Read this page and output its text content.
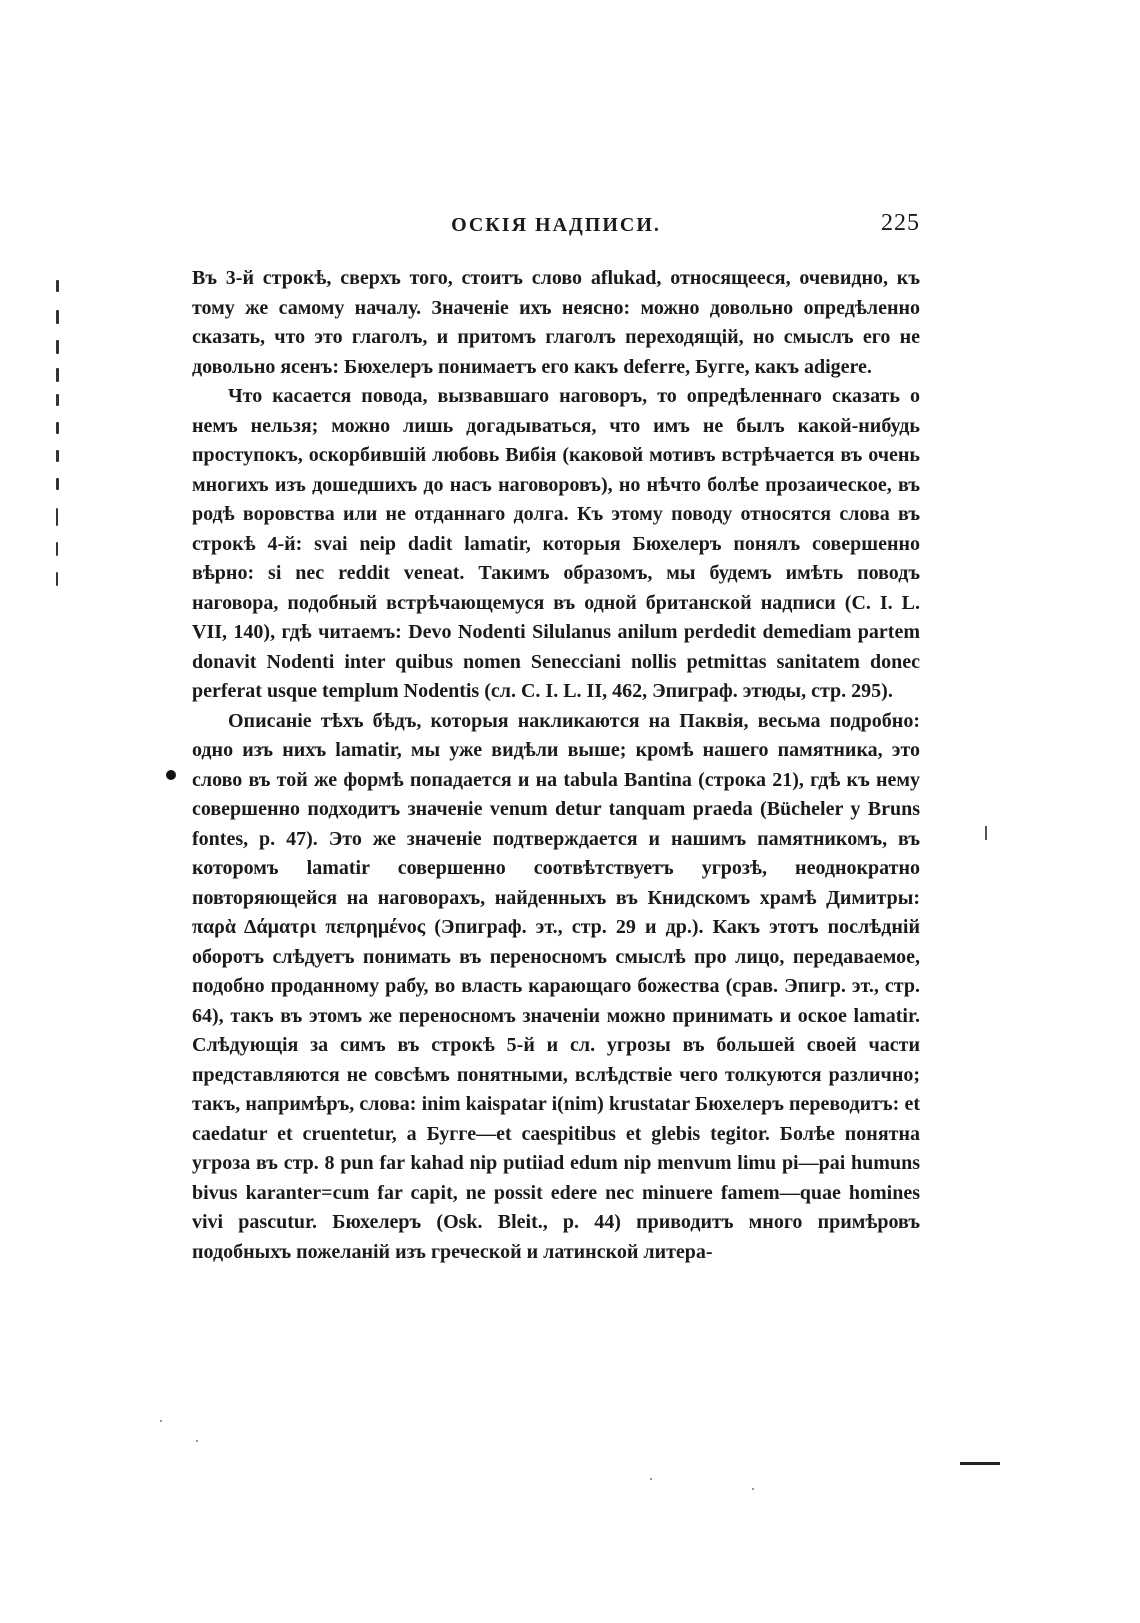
ОСКІЯ НАДПИСИ.	225

Въ 3-й строкѣ, сверхъ того, стоитъ слово aflukad, относящееся, очевидно, къ тому же самому началу. Значеніе ихъ неясно: можно довольно опредѣленно сказать, что это глаголъ, и притомъ глаголъ переходящій, но смыслъ его не довольно ясенъ: Бюхелеръ понимаетъ его какъ deferre, Бугге, какъ adigere.

Что касается повода, вызвавшаго наговоръ, то опредѣленнаго сказать о немъ нельзя; можно лишь догадываться, что имъ не былъ какой-нибудь проступокъ, оскорбившій любовь Вибія (каковой мотивъ встрѣчается въ очень многихъ изъ дошедшихъ до насъ наговоровъ), но нѣчто болѣе прозаическое, въ родѣ воровства или не отданнаго долга. Къ этому поводу относятся слова въ строкѣ 4-й: svai neip dadit lamatir, которыя Бюхелеръ понялъ совершенно вѣрно: si nec reddit veneat. Такимъ образомъ, мы будемъ имѣть поводъ наговора, подобный встрѣчающемуся въ одной британской надписи (C. I. L. VII, 140), гдѣ читаемъ: Devo Nodenti Silulanus anilum perdedit demediam partem donavit Nodenti inter quibus nomen Senecciani nollis petmittas sanitatem donec perferat usque templum Nodentis (сл. C. I. L. II, 462, Эпиграф. этюды, стр. 295).

Описаніе тѣхъ бѣдъ, которыя накликаются на Паквія, весьма подробно: одно изъ нихъ lamatir, мы уже видѣли выше; кромѣ нашего памятника, это слово въ той же формѣ попадается и на tabula Bantina (строка 21), гдѣ къ нему совершенно подходитъ значеніе venum detur tanquam praeda (Bücheler y Bruns fontes, p. 47). Это же значеніе подтверждается и нашимъ памятникомъ, въ которомъ lamatir совершенно соотвѣтствуетъ угрозѣ, неоднократно повторяющейся на наговорахъ, найденныхъ въ Книдскомъ храмѣ Димитры: παρὰ Δάματρι πεπρημένος (Эпиграф. эт., стр. 29 и др.). Какъ этотъ послѣдній оборотъ слѣдуетъ понимать въ переносномъ смыслѣ про лицо, передаваемое, подобно проданному рабу, во власть карающаго божества (срав. Эпигр. эт., стр. 64), такъ въ этомъ же переносномъ значеніи можно принимать и оское lamatir. Слѣдующія за симъ въ строкѣ 5-й и сл. угрозы въ большей своей части представляются не совсѣмъ понятными, вслѣдствіе чего толкуются различно; такъ, напримѣръ, слова: inim kaispatar i(nim) krustatar Бюхелеръ переводитъ: et caedatur et cruentetur, а Бугге—et caespitibus et glebis tegitor. Болѣе понятна угроза въ стр. 8 pun far kahad nip putiiad edum nip menvum limu pi—pai humuns bivus karanter=cum far capit, ne possit edere nec minuere famem—quae homines vivi pascutur. Бюхелеръ (Osk. Bleit., p. 44) приводитъ много примѣровъ подобныхъ пожеланій изъ греческой и латинской литера-
